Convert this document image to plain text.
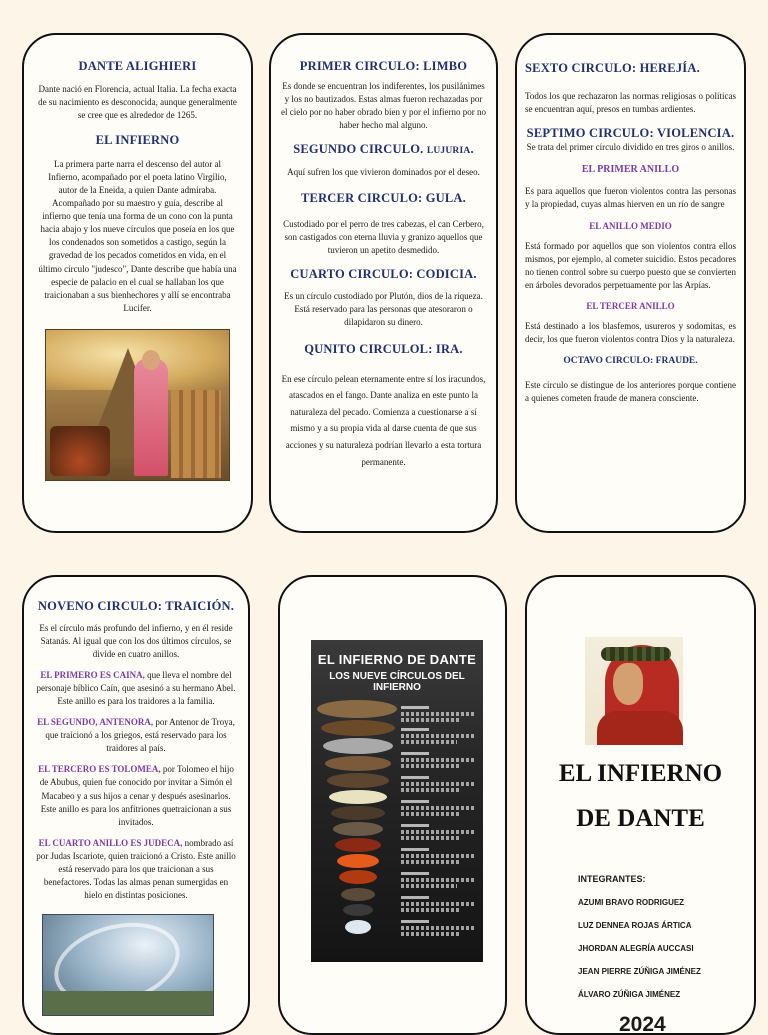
DANTE ALIGHIERI

Dante nació en Florencia, actual Italia. La fecha exacta de su nacimiento es desconocida, aunque generalmente se cree que es alrededor de 1265.

EL INFIERNO

La primera parte narra el descenso del autor al Infierno, acompañado por el poeta latino Virgilio, autor de la Eneida, a quien Dante admiraba. Acompañado por su maestro y guía, describe al infierno que tenía una forma de un cono con la punta hacia abajo y los nueve círculos que poseía en los que los condenados son sometidos a castigo, según la gravedad de los pecados cometidos en vida, en el último círculo "judesco", Dante describe que había una especie de palacio en el cual se hallaban los que traicionaban a sus bienhechores y allí se encontraba Lucifer.

PRIMER CIRCULO: LIMBO

Es donde se encuentran los indiferentes, los pusilánimes y los no bautizados. Estas almas fueron rechazadas por el cielo por no haber obrado bien y por el infierno por no haber hecho mal alguno.

SEGUNDO CIRCULO. LUJURIA.

Aquí sufren los que vivieron dominados por el deseo.

TERCER CIRCULO: GULA.

Custodiado por el perro de tres cabezas, el can Cerbero, son castigados con eterna lluvia y granizo aquellos que tuvieron un apetito desmedido.

CUARTO CIRCULO: CODICIA.

Es un círculo custodiado por Plutón, dios de la riqueza. Está reservado para las personas que atesoraron o dilapidaron su dinero.

QUNITO CIRCULOL: IRA.

En ese círculo pelean eternamente entre sí los iracundos, atascados en el fango. Dante analiza en este punto la naturaleza del pecado. Comienza a cuestionarse a sí mismo y a su propia vida al darse cuenta de que sus acciones y su naturaleza podrían llevarlo a esta tortura permanente.

SEXTO CIRCULO: HEREJÍA.

Todos los que rechazaron las normas religiosas o políticas se encuentran aquí, presos en tumbas ardientes.

SEPTIMO CIRCULO: VIOLENCIA.

Se trata del primer círculo dividido en tres giros o anillos.

EL PRIMER ANILLO

Es para aquellos que fueron violentos contra las personas y la propiedad, cuyas almas hierven en un río de sangre

EL ANILLO MEDIO

Está formado por aquellos que son violentos contra ellos mismos, por ejemplo, al cometer suicidio. Estos pecadores no tienen control sobre su cuerpo puesto que se convierten en árboles devorados perpetuamente por las Arpías.

EL TERCER ANILLO

Está destinado a los blasfemos, usureros y sodomitas, es decir, los que fueron violentos contra Dios y la naturaleza.

OCTAVO CIRCULO: FRAUDE.

Este círculo se distingue de los anteriores porque contiene a quienes cometen fraude de manera consciente.

NOVENO CIRCULO: TRAICIÓN.

Es el círculo más profundo del infierno, y en él reside Satanás. Al igual que con los dos últimos círculos, se divide en cuatro anillos.

EL PRIMERO ES CAINA, que lleva el nombre del personaje bíblico Caín, que asesinó a su hermano Abel. Este anillo es para los traidores a la familia.

EL SEGUNDO, ANTENORA, por Antenor de Troya, que traicionó a los griegos, está reservado para los traidores al país.

EL TERCERO ES TOLOMEA, por Tolomeo el hijo de Abubus, quien fue conocido por invitar a Simón el Macabeo y a sus hijos a cenar y después asesinarlos. Este anillo es para los anfitriones quetraicionan a sus invitados.

EL CUARTO ANILLO ES JUDECA, nombrado así por Judas Iscariote, quien traicionó a Cristo. Este anillo está reservado para los que traicionan a sus benefactores. Todas las almas penan sumergidas en hielo en distintas posiciones.

EL INFIERNO DE DANTE
LOS NUEVE CÍRCULOS DEL INFIERNO
EL INFIERNO
DE DANTE
INTEGRANTES:
AZUMI BRAVO RODRIGUEZ
LUZ DENNEA ROJAS ÁRTICA
JHORDAN ALEGRÍA AUCCASI
JEAN PIERRE ZÚÑIGA JIMÉNEZ
ÁLVARO ZÚÑIGA JIMÉNEZ
2024
